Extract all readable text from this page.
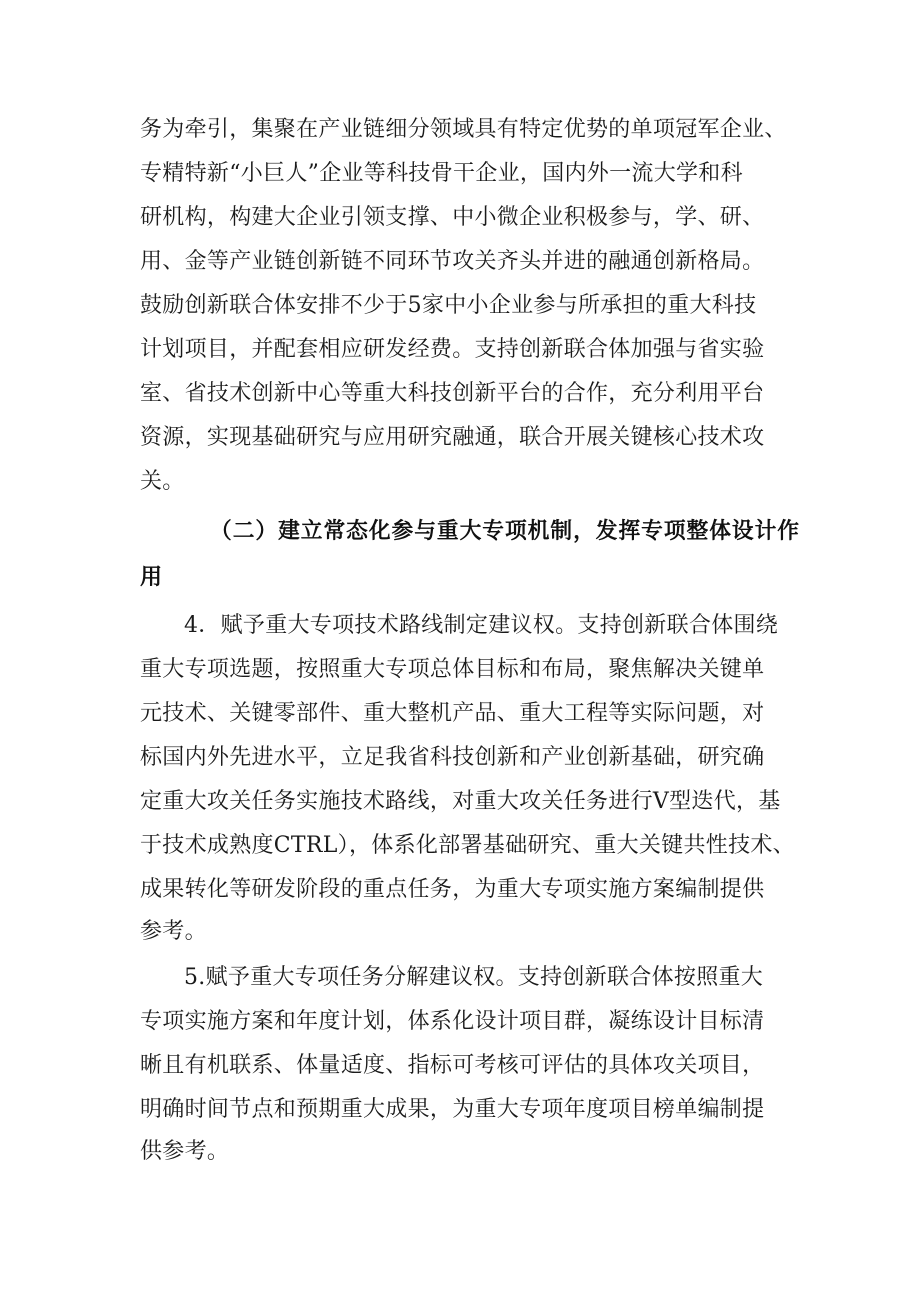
务为牵引，集聚在产业链细分领域具有特定优势的单项冠军企业、
专精特新“小巨人”企业等科技骨干企业，国内外一流大学和科
研机构，构建大企业引领支撑、中小微企业积极参与，学、研、
用、金等产业链创新链不同环节攻关齐头并进的融通创新格局。
鼓励创新联合体安排不少于5家中小企业参与所承担的重大科技
计划项目，并配套相应研发经费。支持创新联合体加强与省实验
室、省技术创新中心等重大科技创新平台的合作，充分利用平台
资源，实现基础研究与应用研究融通，联合开展关键核心技术攻
关。
（二）建立常态化参与重大专项机制，发挥专项整体设计作
用
4．赋予重大专项技术路线制定建议权。支持创新联合体围绕
重大专项选题，按照重大专项总体目标和布局，聚焦解决关键单
元技术、关键零部件、重大整机产品、重大工程等实际问题，对
标国内外先进水平，立足我省科技创新和产业创新基础，研究确
定重大攻关任务实施技术路线，对重大攻关任务进行V型迭代，基
于技术成熟度CTRL），体系化部署基础研究、重大关键共性技术、
成果转化等研发阶段的重点任务，为重大专项实施方案编制提供
参考。
5.赋予重大专项任务分解建议权。支持创新联合体按照重大
专项实施方案和年度计划，体系化设计项目群，凝练设计目标清
晰且有机联系、体量适度、指标可考核可评估的具体攻关项目，
明确时间节点和预期重大成果，为重大专项年度项目榜单编制提
供参考。
